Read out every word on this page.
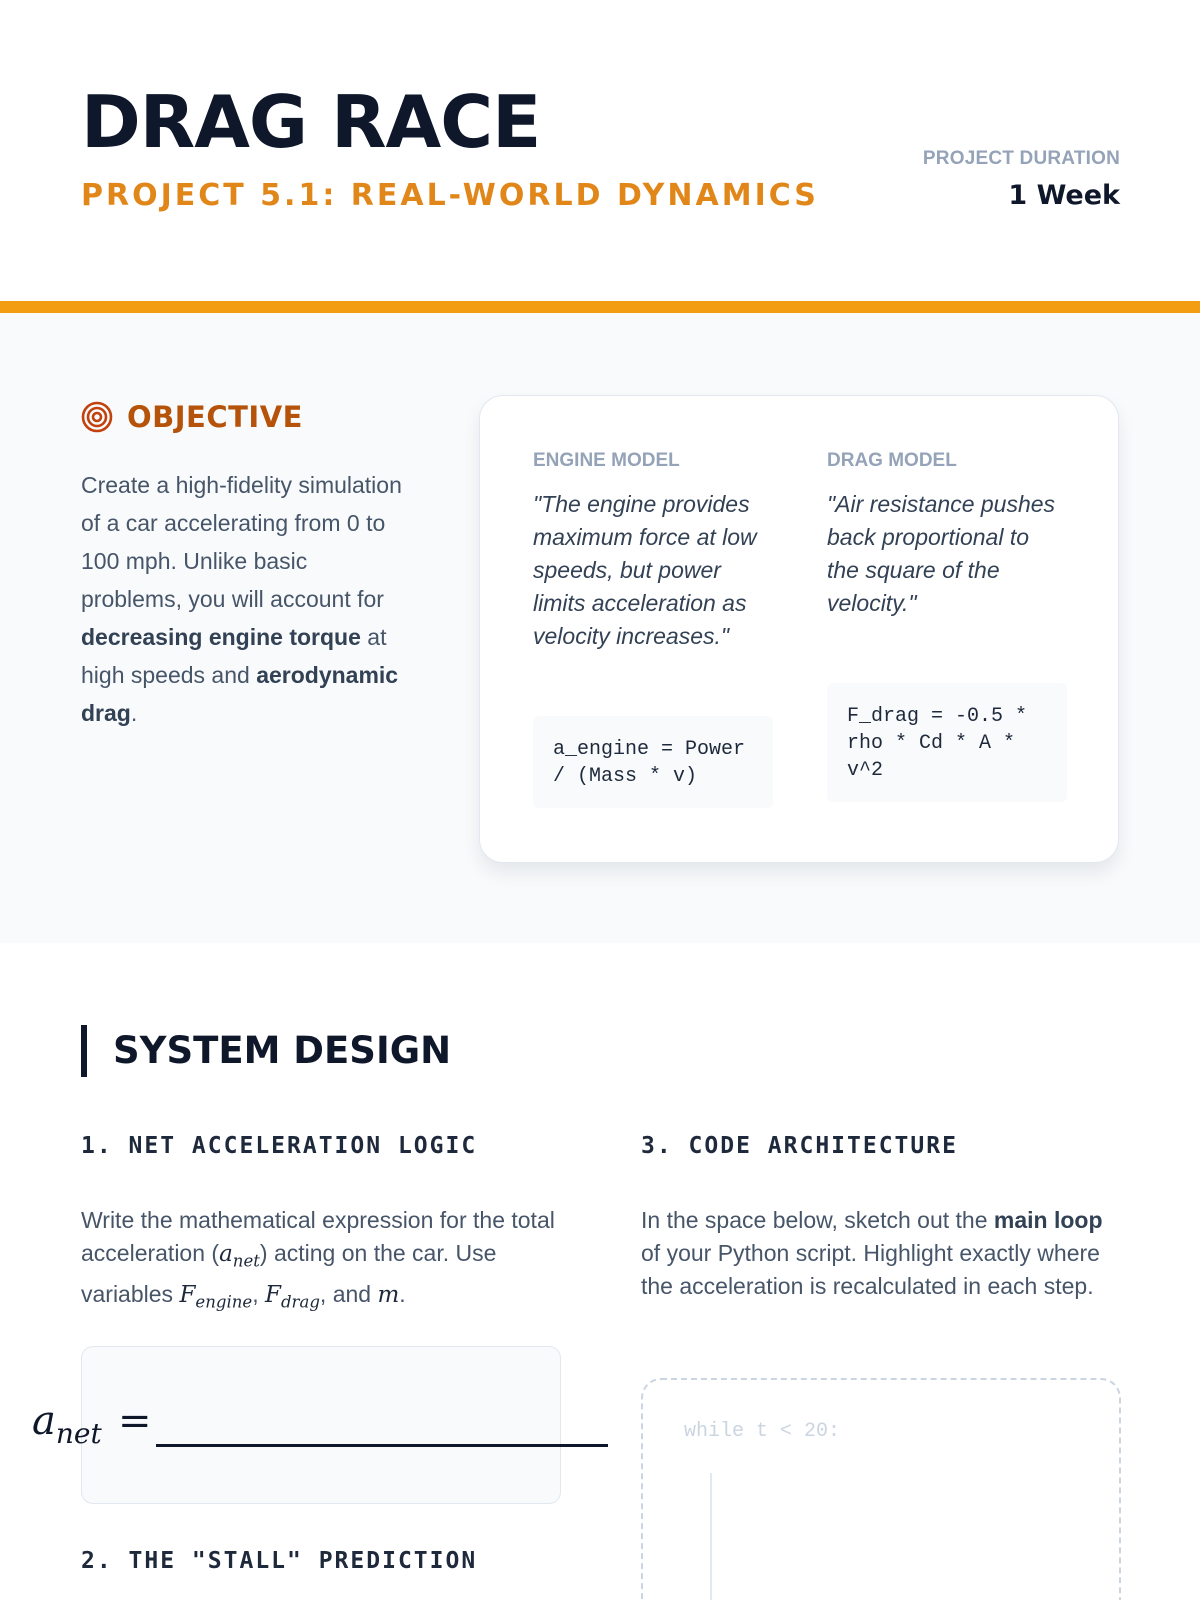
DRAG RACE
PROJECT 5.1: REAL-WORLD DYNAMICS
PROJECT DURATION
1 Week
OBJECTIVE

Create a high-fidelity simulation of a car accelerating from 0 to 100 mph. Unlike basic problems, you will account for decreasing engine torque at high speeds and aerodynamic drag.

ENGINE MODEL
"The engine provides maximum force at low speeds, but power limits acceleration as velocity increases."
a_engine = Power
/ (Mass * v)
DRAG MODEL
"Air resistance pushes back proportional to the square of the velocity."
F_drag = -0.5 *
rho * Cd * A *
v^2
SYSTEM DESIGN
1. NET ACCELERATION LOGIC

Write the mathematical expression for the total acceleration $(a_{net})$ acting on the car. Use variables $F_{engine}$, $F_{drag}$, and m.

$a_{net}$ =
2. THE "STALL" PREDICTION
3. CODE ARCHITECTURE

In the space below, sketch out the main loop of your Python script. Highlight exactly where the acceleration is recalculated in each step.

while t < 20:
